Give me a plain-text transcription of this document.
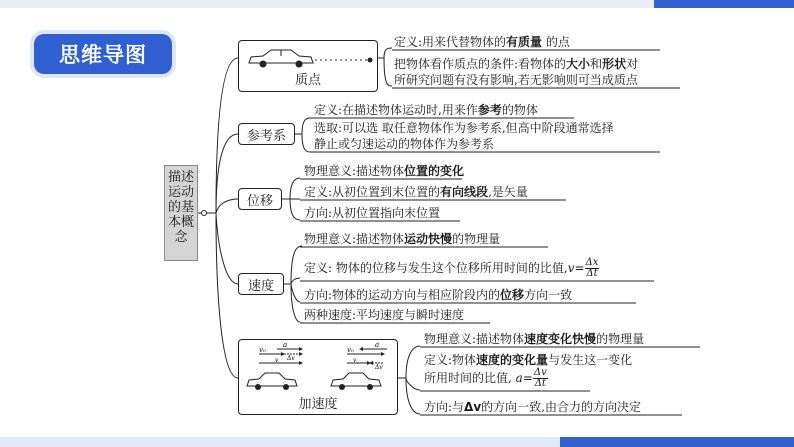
思维导图
描述运动的基本概念
质点
定义:用来代替物体的有质量 的点
把物体看作质点的条件:看物体的大小和形状对
所研究问题有没有影响,若无影响则可当成质点
参考系
定义:在描述物体运动时,用来作参考的物体
选取:可以选 取任意物体作为参考系,但高中阶段通常选择
静止或匀速运动的物体作为参考系
位移
物理意义:描述物体位置的变化
定义:从初位置到末位置的有向线段,是矢量
方向:从初位置指向末位置
速度
物理意义:描述物体运动快慢的物理量
定义: 物体的位移与发生这个位移所用时间的比值$,v= \frac{\Delta x}{\Delta t}$
方向:物体的运动方向与相应阶段内的位移方向一致
两种速度:平均速度与瞬时速度
v₀
a
Δv
v
v₀
a
v
Δv
加速度
物理意义:描述物体速度变化快慢的物理量
定义:物体速度的变化量与发生这一变化
所用时间的比值, $a= \frac{\Delta v}{\Delta t}$
方向:与Δv的方向一致,由合力的方向决定
